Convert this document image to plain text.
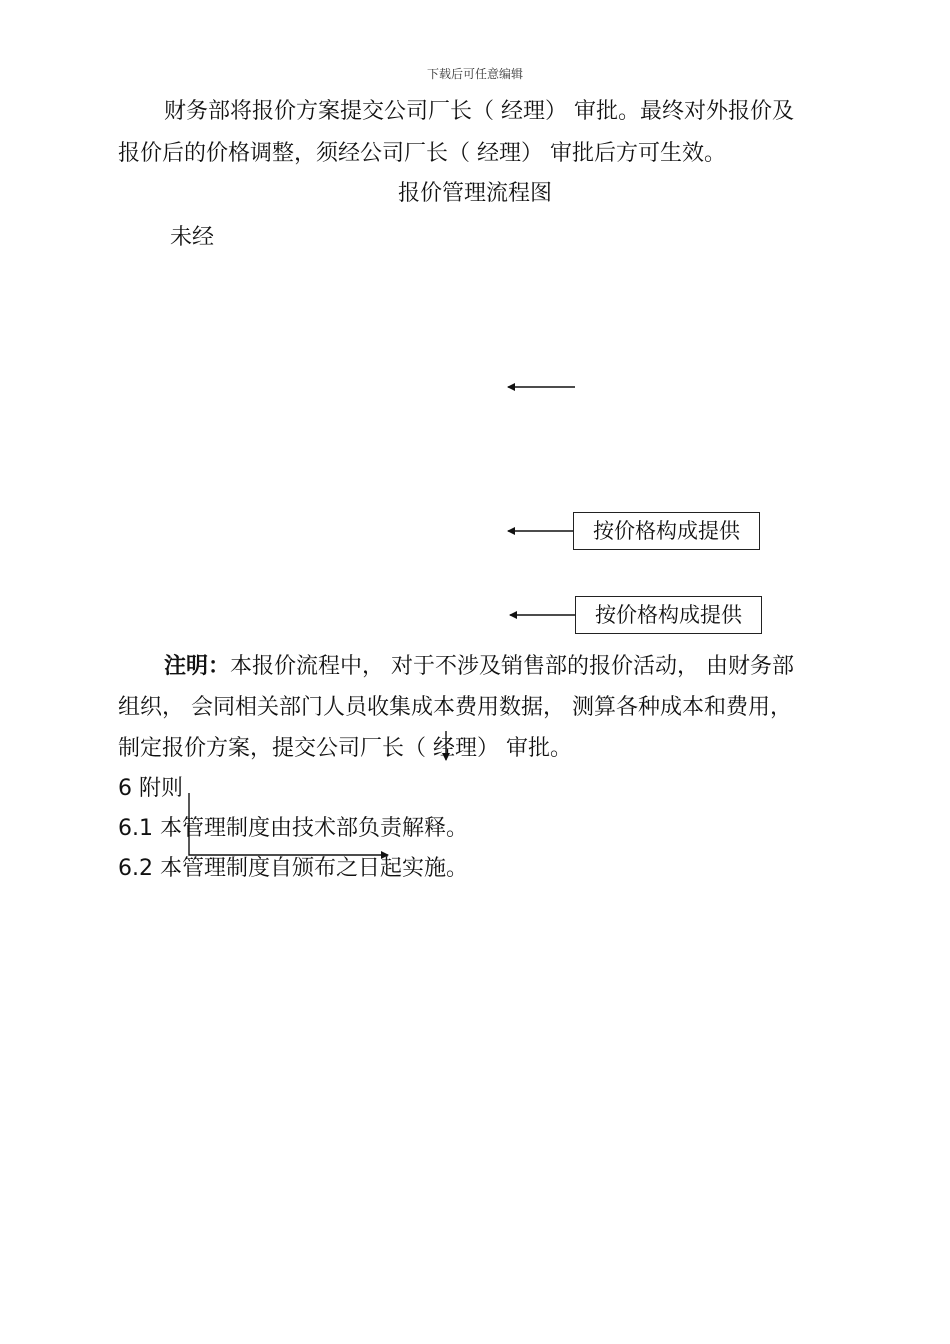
下载后可任意编辑
财务部将报价方案提交公司厂长（ 经理） 审批。最终对外报价及
报价后的价格调整，须经公司厂长（ 经理） 审批后方可生效。
报价管理流程图
未经
按价格构成提供
按价格构成提供
注明：本报价流程中， 对于不涉及销售部的报价活动， 由财务部
组织， 会同相关部门人员收集成本费用数据， 测算各种成本和费用，
制定报价方案，提交公司厂长（ 经理） 审批。
6 附则
6.1 本管理制度由技术部负责解释。
6.2 本管理制度自颁布之日起实施。
